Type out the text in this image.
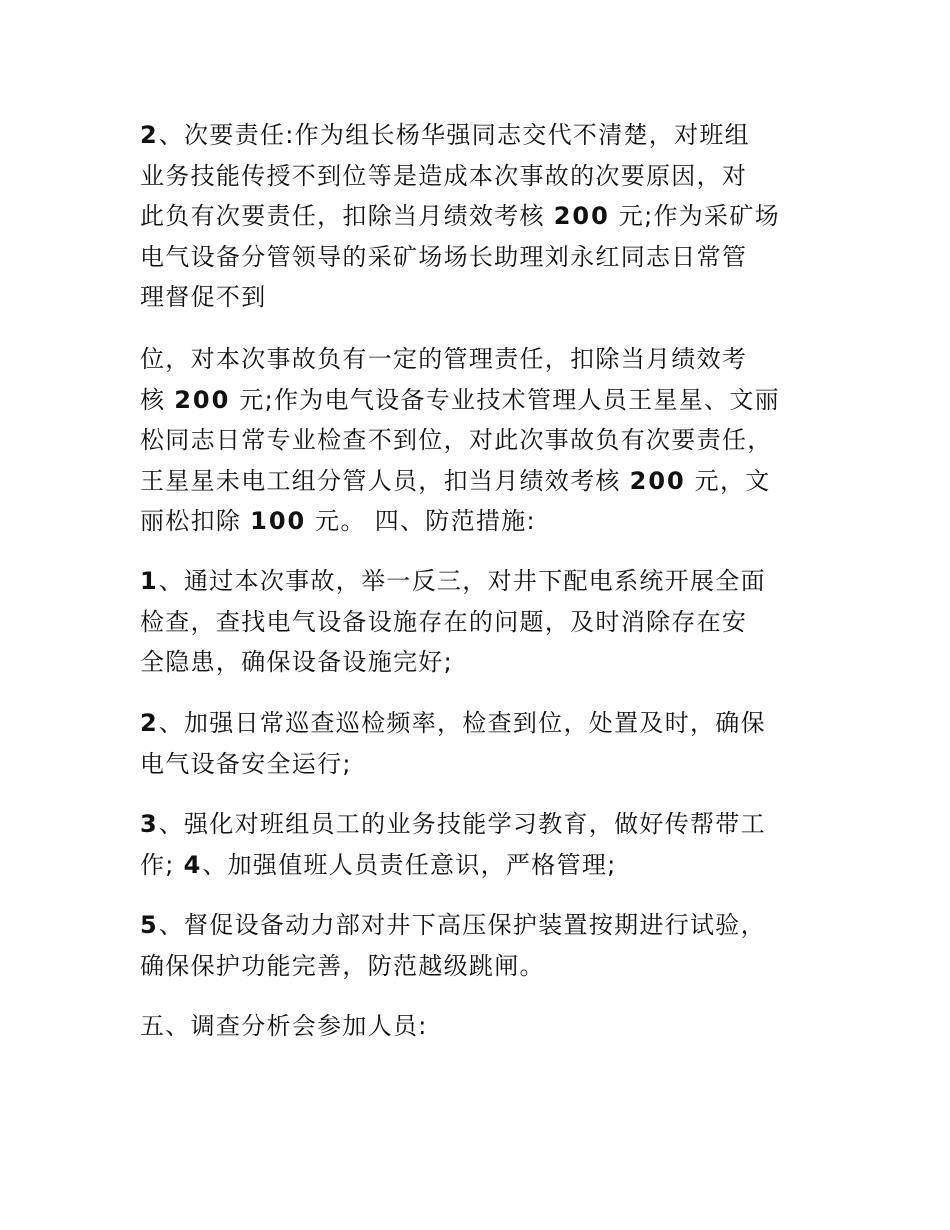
2、次要责任:作为组长杨华强同志交代不清楚，对班组
业务技能传授不到位等是造成本次事故的次要原因，对
此负有次要责任，扣除当月绩效考核 200 元;作为采矿场
电气设备分管领导的采矿场场长助理刘永红同志日常管
理督促不到

位，对本次事故负有一定的管理责任，扣除当月绩效考
核 200 元;作为电气设备专业技术管理人员王星星、文丽
松同志日常专业检查不到位，对此次事故负有次要责任，
王星星未电工组分管人员，扣当月绩效考核 200 元，文
丽松扣除 100 元。 四、防范措施:

1、通过本次事故，举一反三，对井下配电系统开展全面
检查，查找电气设备设施存在的问题，及时消除存在安
全隐患，确保设备设施完好;

2、加强日常巡查巡检频率，检查到位，处置及时，确保
电气设备安全运行;

3、强化对班组员工的业务技能学习教育，做好传帮带工
作; 4、加强值班人员责任意识，严格管理;

5、督促设备动力部对井下高压保护装置按期进行试验，
确保保护功能完善，防范越级跳闸。

五、调查分析会参加人员:
